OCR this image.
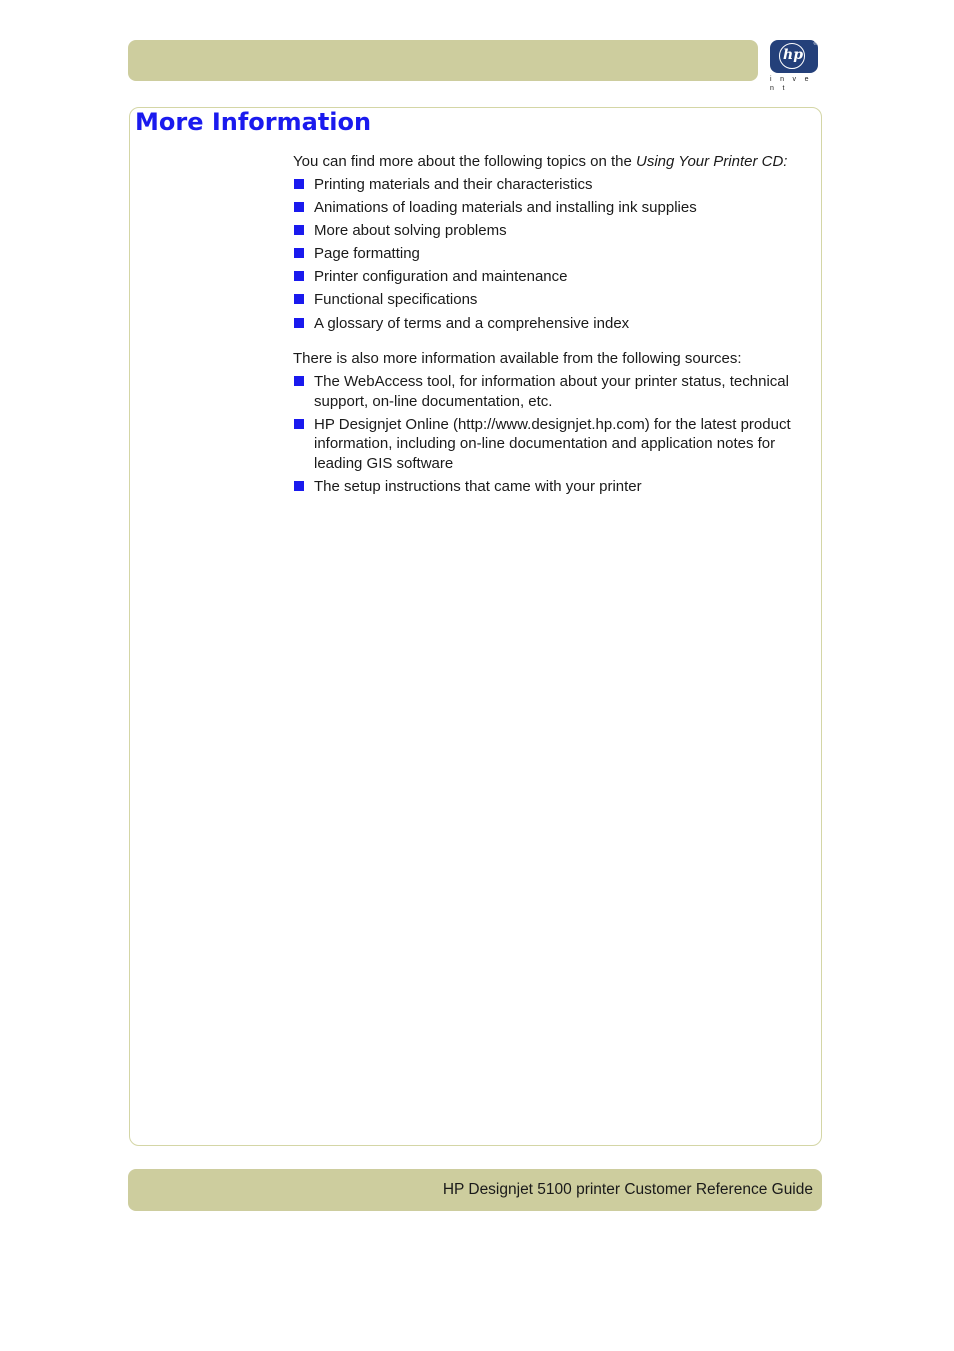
hp
®
i n v e n t
More Information

You can find more about the following topics on the Using Your Printer CD:

Printing materials and their characteristics
Animations of loading materials and installing ink supplies
More about solving problems
Page formatting
Printer configuration and maintenance
Functional specifications
A glossary of terms and a comprehensive index

There is also more information available from the following sources:

The WebAccess tool, for information about your printer status, technical support, on-line documentation, etc.
HP Designjet Online (http://www.designjet.hp.com) for the latest product information, including on-line documentation and application notes for leading GIS software
The setup instructions that came with your printer
HP Designjet 5100 printer Customer Reference Guide
